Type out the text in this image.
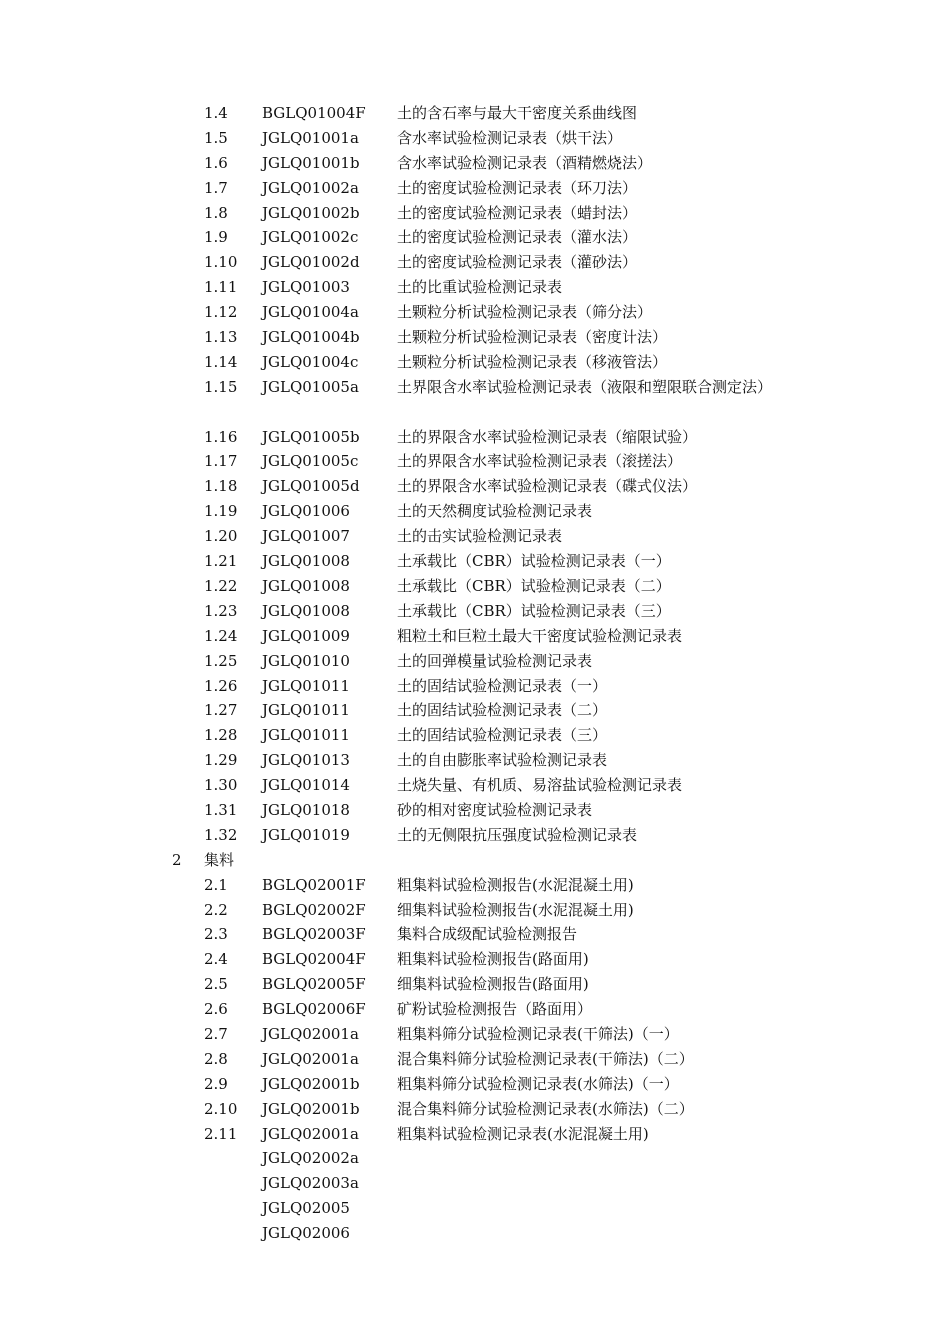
1.4 BGLQ01004F 土的含石率与最大干密度关系曲线图
1.5 JGLQ01001a	含水率试验检测记录表（烘干法）
1.6 JGLQ01001b 含水率试验检测记录表（酒精燃烧法）
1.7 JGLQ01002a	土的密度试验检测记录表（环刀法）
1.8 JGLQ01002b 土的密度试验检测记录表（蜡封法）
1.9 JGLQ01002c	土的密度试验检测记录表（灌水法）
1.10 JGLQ01002d 土的密度试验检测记录表（灌砂法）
1.11 JGLQ01003	土的比重试验检测记录表
1.12 JGLQ01004a	土颗粒分析试验检测记录表（筛分法）
1.13 JGLQ01004b 土颗粒分析试验检测记录表（密度计法）
1.14 JGLQ01004c	土颗粒分析试验检测记录表（移液管法）
1.15 JGLQ01005a	土界限含水率试验检测记录表（液限和塑限联合测定法）
1.16 JGLQ01005b 土的界限含水率试验检测记录表（缩限试验）
1.17 JGLQ01005c	土的界限含水率试验检测记录表（滚搓法）
1.18 JGLQ01005d 土的界限含水率试验检测记录表（碟式仪法）
1.19 JGLQ01006	土的天然稠度试验检测记录表
1.20 JGLQ01007	土的击实试验检测记录表
1.21 JGLQ01008	土承载比（CBR）试验检测记录表（一）
1.22 JGLQ01008	土承载比（CBR）试验检测记录表（二）
1.23 JGLQ01008	土承载比（CBR）试验检测记录表（三）
1.24 JGLQ01009	粗粒土和巨粒土最大干密度试验检测记录表
1.25 JGLQ01010	土的回弹模量试验检测记录表
1.26 JGLQ01011	土的固结试验检测记录表（一）
1.27 JGLQ01011	土的固结试验检测记录表（二）
1.28 JGLQ01011	土的固结试验检测记录表（三）
1.29 JGLQ01013	土的自由膨胀率试验检测记录表
1.30 JGLQ01014	土烧失量、有机质、易溶盐试验检测记录表
1.31 JGLQ01018	砂的相对密度试验检测记录表
1.32 JGLQ01019	土的无侧限抗压强度试验检测记录表
2 集料
2.1 BGLQ02001F 粗集料试验检测报告(水泥混凝土用)
2.2 BGLQ02002F 细集料试验检测报告(水泥混凝土用)
2.3 BGLQ02003F 集料合成级配试验检测报告
2.4 BGLQ02004F 粗集料试验检测报告(路面用)
2.5 BGLQ02005F 细集料试验检测报告(路面用)
2.6 BGLQ02006F 矿粉试验检测报告（路面用）
2.7 JGLQ02001a	粗集料筛分试验检测记录表(干筛法)（一）
2.8 JGLQ02001a	混合集料筛分试验检测记录表(干筛法)（二）
2.9 JGLQ02001b 粗集料筛分试验检测记录表(水筛法)（一）
2.10 JGLQ02001b 混合集料筛分试验检测记录表(水筛法)（二）
2.11 JGLQ02001a	粗集料试验检测记录表(水泥混凝土用)
JGLQ02002a
JGLQ02003a
JGLQ02005
JGLQ02006
